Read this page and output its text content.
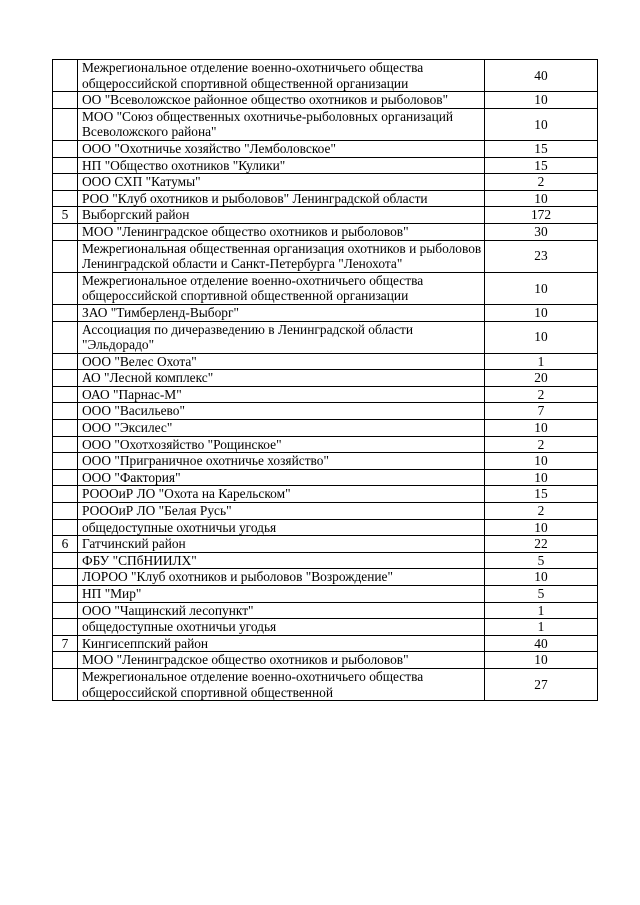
	Межрегиональное отделение военно-охотничьего общества общероссийской спортивной общественной организации	40
	ОО "Всеволожское районное общество охотников и рыболовов"	10
	МОО "Союз общественных охотничье-рыболовных организаций Всеволожского района"	10
	ООО "Охотничье хозяйство "Лемболовское"	15
	НП "Общество охотников "Кулики"	15
	ООО СХП "Катумы"	2
	РОО "Клуб охотников и рыболовов" Ленинградской области	10
5	Выборгский район	172
	МОО "Ленинградское общество охотников и рыболовов"	30
	Межрегиональная общественная организация охотников и рыболовов Ленинградской области и Санкт-Петербурга "Ленохота"	23
	Межрегиональное отделение военно-охотничьего общества общероссийской спортивной общественной организации	10
	ЗАО "Тимберленд-Выборг"	10
	Ассоциация по дичеразведению в Ленинградской области "Эльдорадо"	10
	ООО "Велес Охота"	1
	АО "Лесной комплекс"	20
	ОАО "Парнас-М"	2
	ООО "Васильево"	7
	ООО "Эксилес"	10
	ООО "Охотхозяйство "Рощинское"	2
	ООО "Приграничное охотничье хозяйство"	10
	ООО "Фактория"	10
	РОООиР ЛО "Охота на Карельском"	15
	РОООиР ЛО "Белая Русь"	2
	общедоступные охотничьи угодья	10
6	Гатчинский район	22
	ФБУ "СПбНИИЛХ"	5
	ЛОРОО "Клуб охотников и рыболовов "Возрождение"	10
	НП "Мир"	5
	ООО "Чащинский лесопункт"	1
	общедоступные охотничьи угодья	1
7	Кингисеппский район	40
	МОО "Ленинградское общество охотников и рыболовов"	10
	Межрегиональное отделение военно-охотничьего общества общероссийской спортивной общественной	27
